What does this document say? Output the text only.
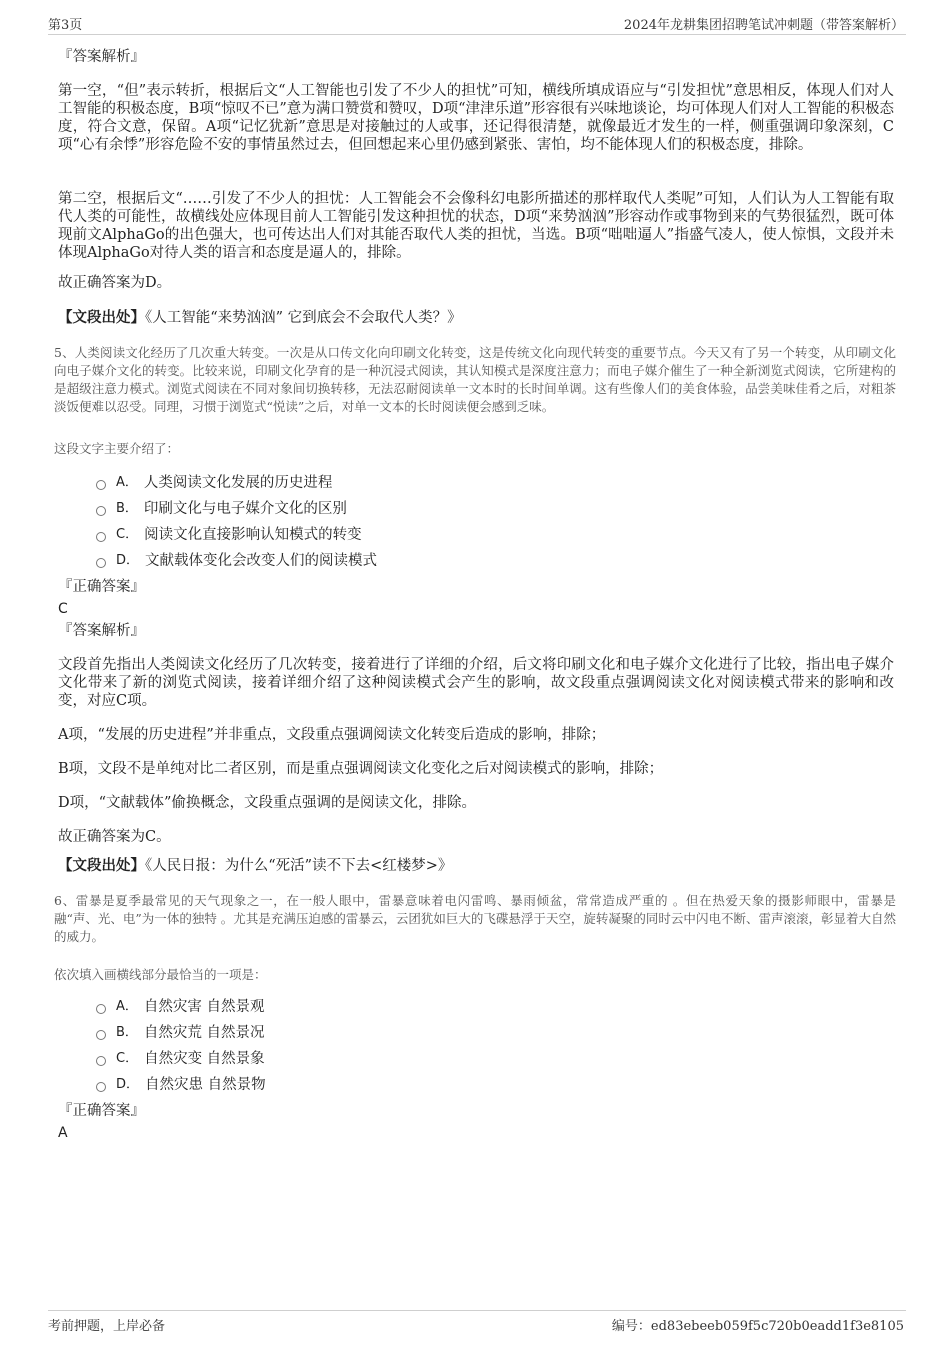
第3页	2024年龙耕集团招聘笔试冲刺题（带答案解析）
『答案解析』

第一空，“但”表示转折，根据后文“人工智能也引发了不少人的担忧”可知，横线所填成语应与“引发担忧”意思相反，体现人们对人工智能的积极态度，B项“惊叹不已”意为满口赞赏和赞叹，D项“津津乐道”形容很有兴味地谈论，均可体现人们对人工智能的积极态度，符合文意，保留。A项“记忆犹新”意思是对接触过的人或事，还记得很清楚，就像最近才发生的一样，侧重强调印象深刻，C项“心有余悸”形容危险不安的事情虽然过去，但回想起来心里仍感到紧张、害怕，均不能体现人们的积极态度，排除。

第二空，根据后文“……引发了不少人的担忧：人工智能会不会像科幻电影所描述的那样取代人类呢”可知，人们认为人工智能有取代人类的可能性，故横线处应体现目前人工智能引发这种担忧的状态，D项“来势汹汹”形容动作或事物到来的气势很猛烈，既可体现前文AlphaGo的出色强大，也可传达出人们对其能否取代人类的担忧，当选。B项“咄咄逼人”指盛气凌人，使人惊惧，文段并未体现AlphaGo对待人类的语言和态度是逼人的，排除。

故正确答案为D。

【文段出处】《人工智能“来势汹汹” 它到底会不会取代人类？》

5、人类阅读文化经历了几次重大转变。一次是从口传文化向印刷文化转变，这是传统文化向现代转变的重要节点。今天又有了另一个转变，从印刷文化向电子媒介文化的转变。比较来说，印刷文化孕育的是一种沉浸式阅读，其认知模式是深度注意力；而电子媒介催生了一种全新浏览式阅读，它所建构的是超级注意力模式。浏览式阅读在不同对象间切换转移，无法忍耐阅读单一文本时的长时间单调。这有些像人们的美食体验，品尝美味佳肴之后，对粗茶淡饭便难以忍受。同理，习惯于浏览式“悦读”之后，对单一文本的长时阅读便会感到乏味。

这段文字主要介绍了：

A． 人类阅读文化发展的历史进程
B． 印刷文化与电子媒介文化的区别
C． 阅读文化直接影响认知模式的转变
D． 文献载体变化会改变人们的阅读模式
『正确答案』
C
『答案解析』

文段首先指出人类阅读文化经历了几次转变，接着进行了详细的介绍，后文将印刷文化和电子媒介文化进行了比较，指出电子媒介文化带来了新的浏览式阅读，接着详细介绍了这种阅读模式会产生的影响，故文段重点强调阅读文化对阅读模式带来的影响和改变，对应C项。

A项，“发展的历史进程”并非重点，文段重点强调阅读文化转变后造成的影响，排除；

B项，文段不是单纯对比二者区别，而是重点强调阅读文化变化之后对阅读模式的影响，排除；

D项，“文献载体”偷换概念，文段重点强调的是阅读文化，排除。

故正确答案为C。

【文段出处】《人民日报：为什么“死活”读不下去<红楼梦>》

6、雷暴是夏季最常见的天气现象之一，在一般人眼中，雷暴意味着电闪雷鸣、暴雨倾盆，常常造成严重的 。但在热爱天象的摄影师眼中，雷暴是融“声、光、电”为一体的独特 。尤其是充满压迫感的雷暴云，云团犹如巨大的飞碟悬浮于天空，旋转凝聚的同时云中闪电不断、雷声滚滚，彰显着大自然的威力。

依次填入画横线部分最恰当的一项是：

A． 自然灾害 自然景观
B． 自然灾荒 自然景况
C． 自然灾变 自然景象
D． 自然灾患 自然景物
『正确答案』
A
考前押题，上岸必备	编号：ed83ebeeb059f5c720b0eadd1f3e8105
